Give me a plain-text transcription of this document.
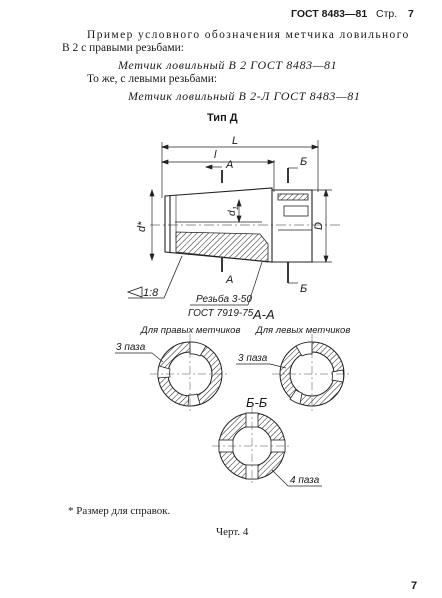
ГОСТ 8483—81 Стр. 7
Пример условного обозначения метчика ловильного
В 2 с правыми резьбами:
Метчик ловильный В 2 ГОСТ 8483—81
То же, с левыми резьбами:
Метчик ловильный В 2-Л ГОСТ 8483—81
Тип Д
L
l
А
А
Б
Б
d*
d
1
D
1:8
Резьба 3-50
ГОСТ 7919-75 А-А
Для правых метчиков Для левых метчиков
3 паза
3 паза
Б-Б
4 паза
* Размер для справок.
Черт. 4
7
